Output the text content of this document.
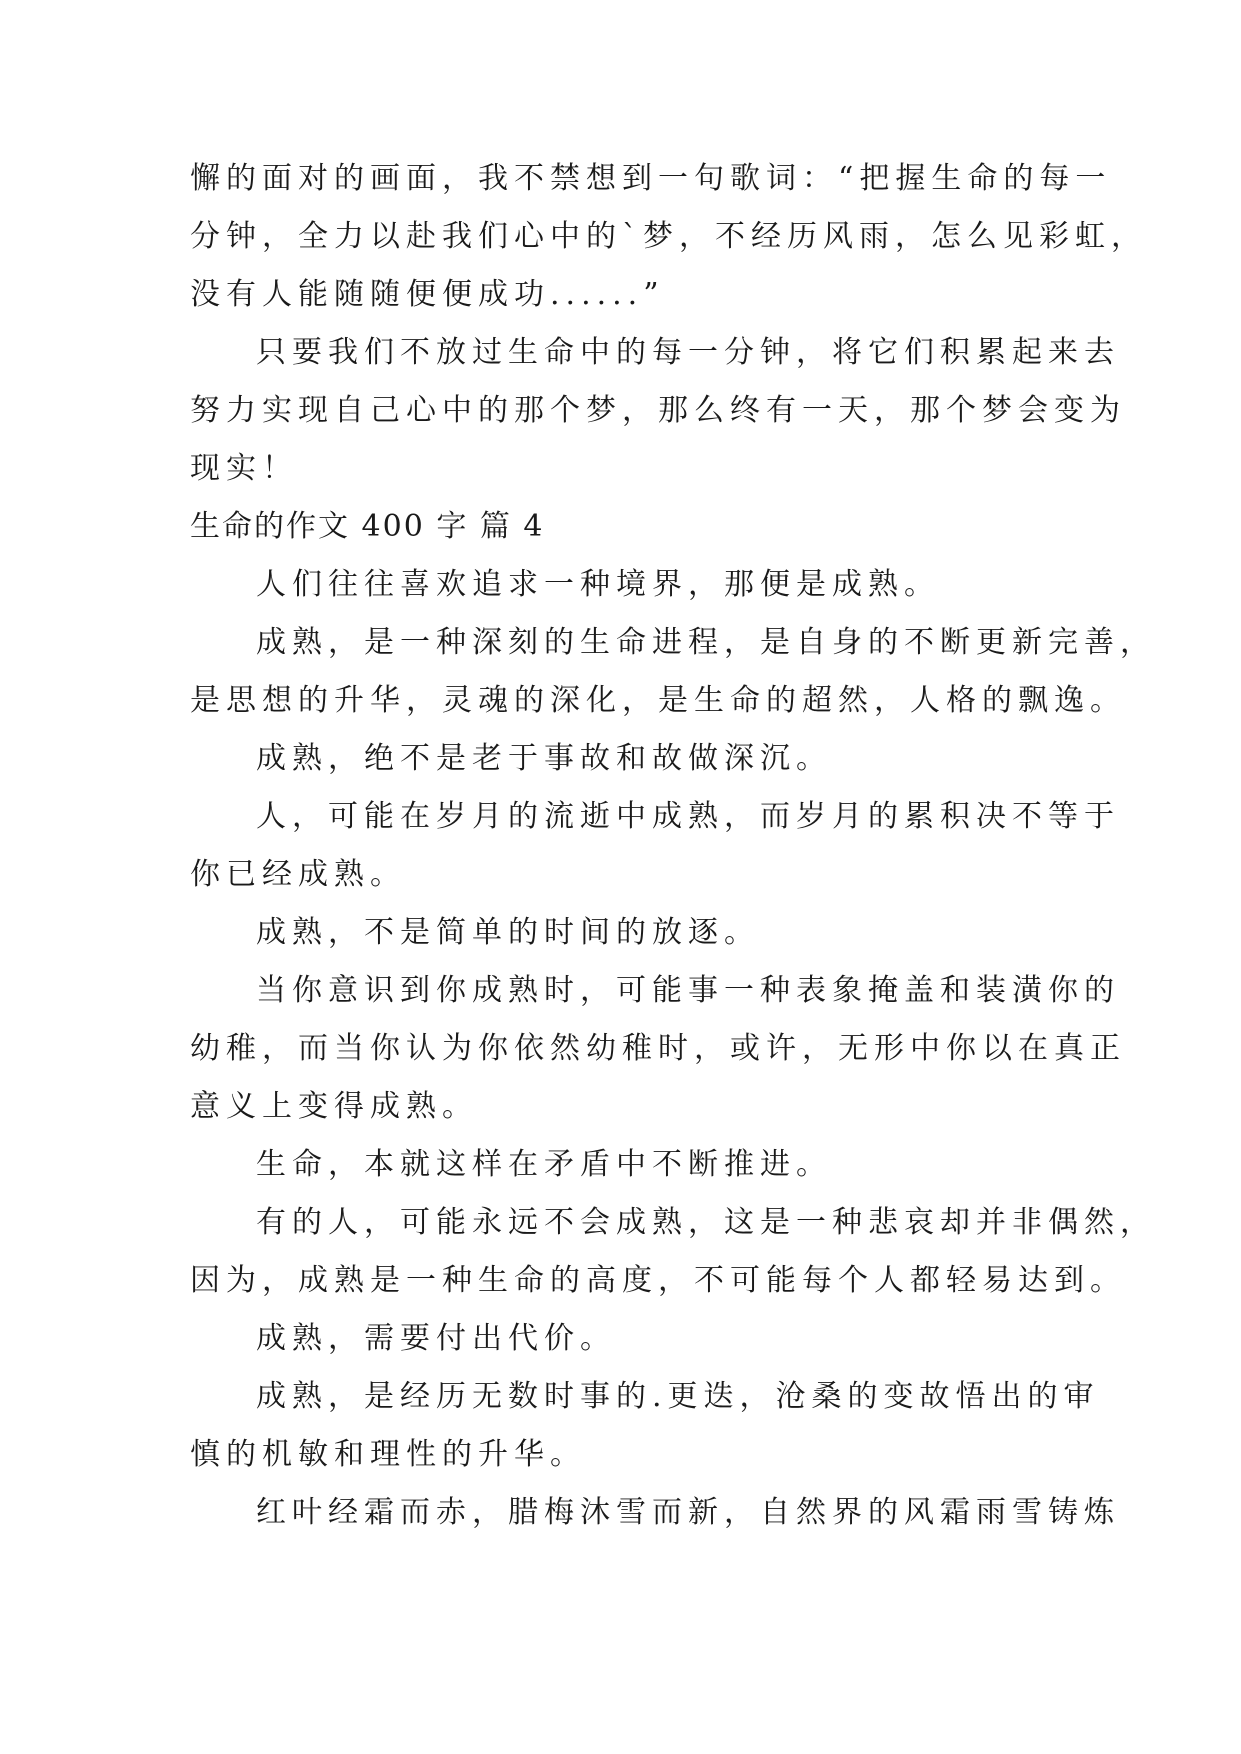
懈的面对的画面，我不禁想到一句歌词：“把握生命的每一
分钟，全力以赴我们心中的`梦，不经历风雨，怎么见彩虹，
没有人能随随便便成功......”
只要我们不放过生命中的每一分钟，将它们积累起来去
努力实现自己心中的那个梦，那么终有一天，那个梦会变为
现实！
生命的作文 400 字 篇 4
人们往往喜欢追求一种境界，那便是成熟。
成熟，是一种深刻的生命进程，是自身的不断更新完善，
是思想的升华，灵魂的深化，是生命的超然，人格的飘逸。
成熟，绝不是老于事故和故做深沉。
人，可能在岁月的流逝中成熟，而岁月的累积决不等于
你已经成熟。
成熟，不是简单的时间的放逐。
当你意识到你成熟时，可能事一种表象掩盖和装潢你的
幼稚，而当你认为你依然幼稚时，或许，无形中你以在真正
意义上变得成熟。
生命，本就这样在矛盾中不断推进。
有的人，可能永远不会成熟，这是一种悲哀却并非偶然，
因为，成熟是一种生命的高度，不可能每个人都轻易达到。
成熟，需要付出代价。
成熟，是经历无数时事的.更迭，沧桑的变故悟出的审
慎的机敏和理性的升华。
红叶经霜而赤，腊梅沐雪而新，自然界的风霜雨雪铸炼
